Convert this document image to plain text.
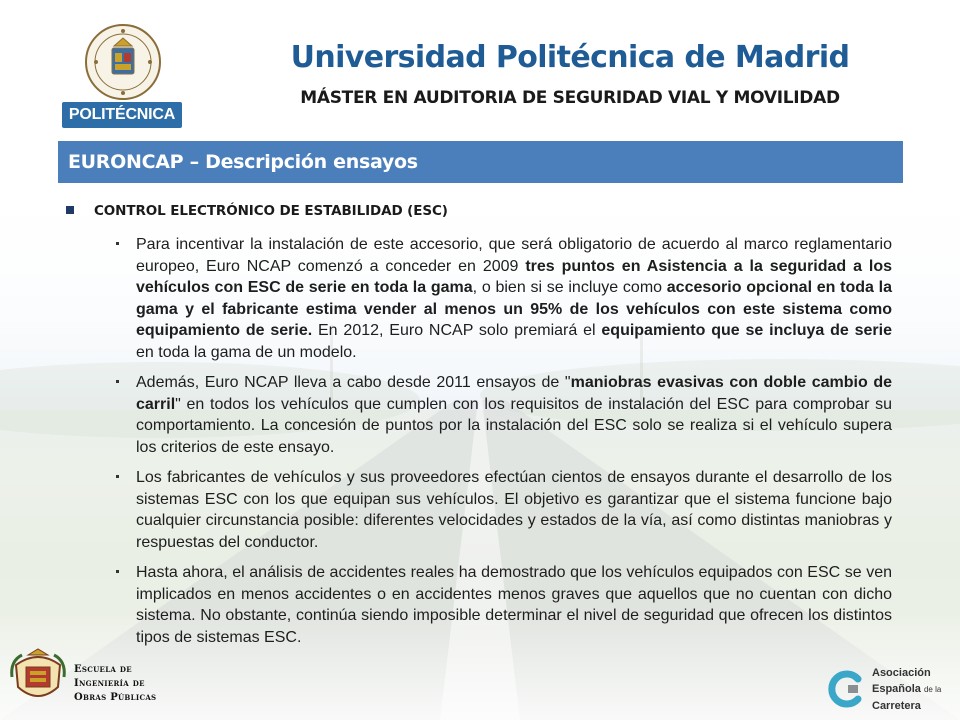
POLITÉCNICA
Universidad Politécnica de Madrid
MÁSTER EN AUDITORIA DE SEGURIDAD VIAL Y MOVILIDAD
EURONCAP – Descripción ensayos
CONTROL ELECTRÓNICO DE ESTABILIDAD (ESC)

Para incentivar la instalación de este accesorio, que será obligatorio de acuerdo al marco reglamentario europeo, Euro NCAP comenzó a conceder en 2009 tres puntos en Asistencia a la seguridad a los vehículos con ESC de serie en toda la gama, o bien si se incluye como accesorio opcional en toda la gama y el fabricante estima vender al menos un 95% de los vehículos con este sistema como equipamiento de serie. En 2012, Euro NCAP solo premiará el equipamiento que se incluya de serie en toda la gama de un modelo.

Además, Euro NCAP lleva a cabo desde 2011 ensayos de "maniobras evasivas con doble cambio de carril" en todos los vehículos que cumplen con los requisitos de instalación del ESC para comprobar su comportamiento. La concesión de puntos por la instalación del ESC solo se realiza si el vehículo supera los criterios de este ensayo.

Los fabricantes de vehículos y sus proveedores efectúan cientos de ensayos durante el desarrollo de los sistemas ESC con los que equipan sus vehículos. El objetivo es garantizar que el sistema funcione bajo cualquier circunstancia posible: diferentes velocidades y estados de la vía, así como distintas maniobras y respuestas del conductor.

Hasta ahora, el análisis de accidentes reales ha demostrado que los vehículos equipados con ESC se ven implicados en menos accidentes o en accidentes menos graves que aquellos que no cuentan con dicho sistema. No obstante, continúa siendo imposible determinar el nivel de seguridad que ofrecen los distintos tipos de sistemas ESC.

Escuela de
Ingeniería de
Obras Públicas
Asociación
Española de la
Carretera
